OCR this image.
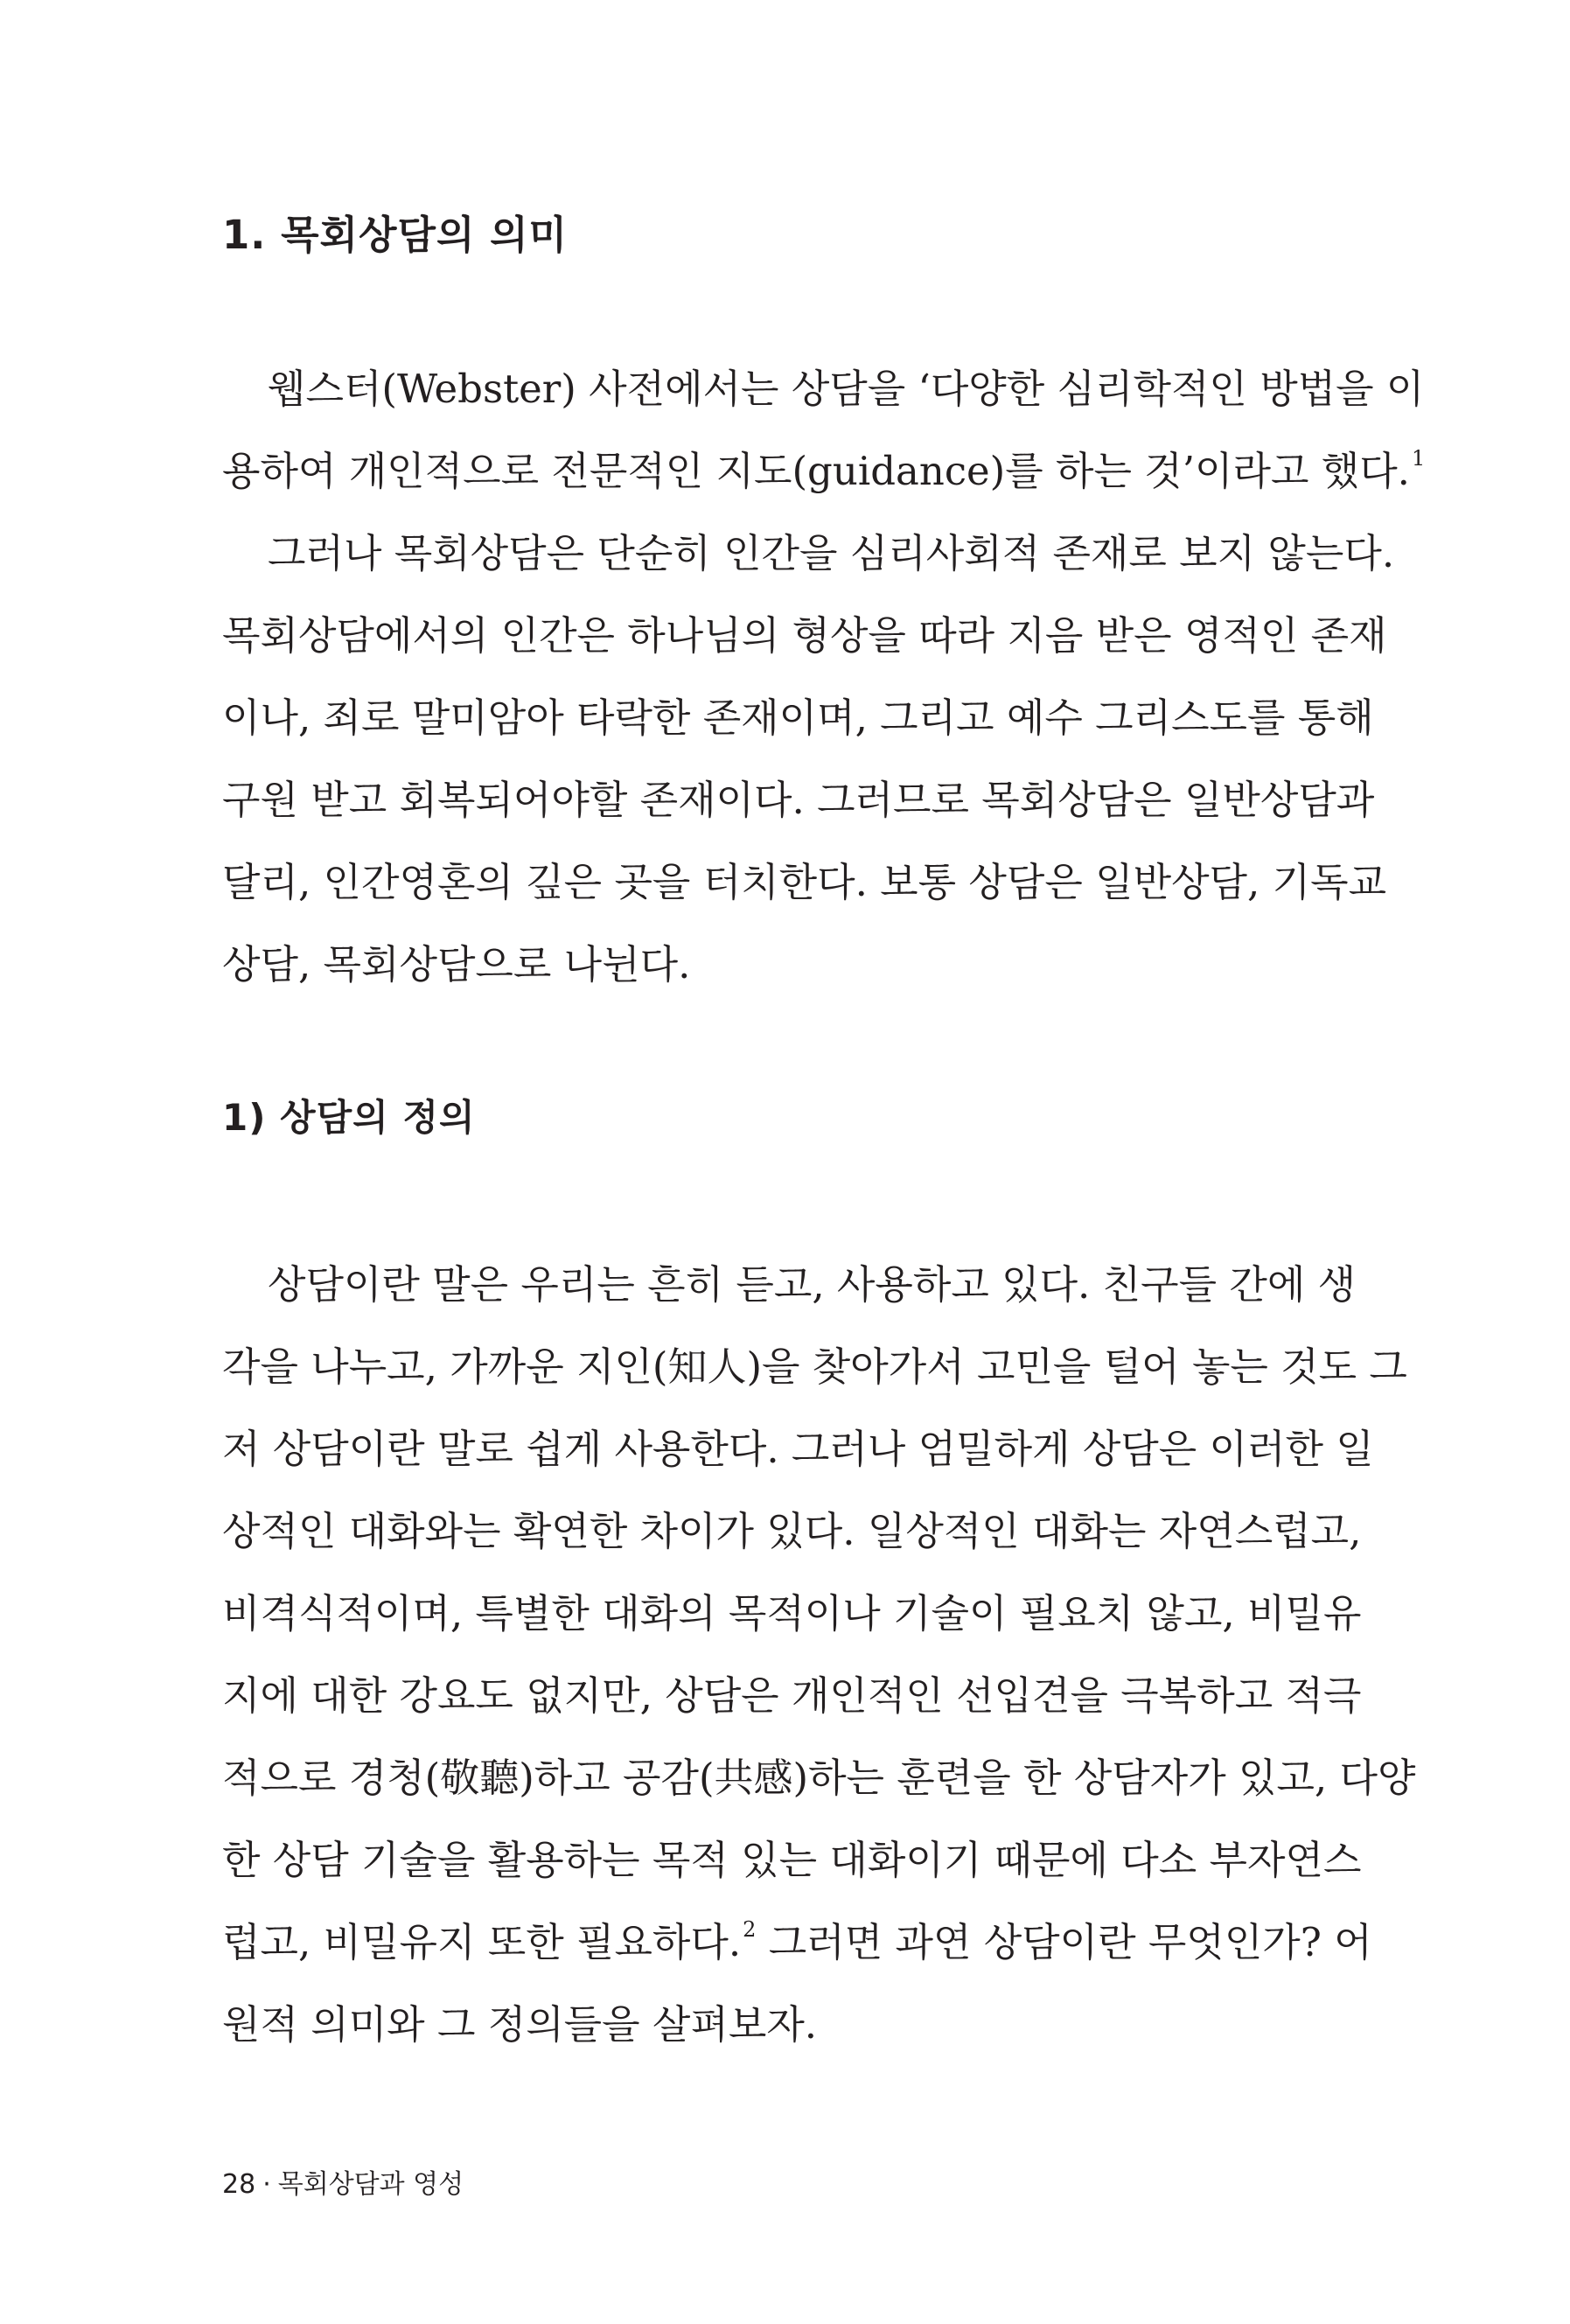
1. 목회상담의 의미
웹스터(Webster) 사전에서는 상담을 ‘다양한 심리학적인 방법을 이
용하여 개인적으로 전문적인 지도(guidance)를 하는 것’이라고 했다.$^1$
그러나 목회상담은 단순히 인간을 심리사회적 존재로 보지 않는다.
목회상담에서의 인간은 하나님의 형상을 따라 지음 받은 영적인 존재
이나, 죄로 말미암아 타락한 존재이며, 그리고 예수 그리스도를 통해
구원 받고 회복되어야할 존재이다. 그러므로 목회상담은 일반상담과
달리, 인간영혼의 깊은 곳을 터치한다. 보통 상담은 일반상담, 기독교
상담, 목회상담으로 나뉜다.
1) 상담의 정의
상담이란 말은 우리는 흔히 듣고, 사용하고 있다. 친구들 간에 생
각을 나누고, 가까운 지인(知人)을 찾아가서 고민을 털어 놓는 것도 그
저 상담이란 말로 쉽게 사용한다. 그러나 엄밀하게 상담은 이러한 일
상적인 대화와는 확연한 차이가 있다. 일상적인 대화는 자연스럽고,
비격식적이며, 특별한 대화의 목적이나 기술이 필요치 않고, 비밀유
지에 대한 강요도 없지만, 상담은 개인적인 선입견을 극복하고 적극
적으로 경청(敬聽)하고 공감(共感)하는 훈련을 한 상담자가 있고, 다양
한 상담 기술을 활용하는 목적 있는 대화이기 때문에 다소 부자연스
럽고, 비밀유지 또한 필요하다.$^2$ 그러면 과연 상담이란 무엇인가? 어
원적 의미와 그 정의들을 살펴보자.
28 · 목회상담과 영성
